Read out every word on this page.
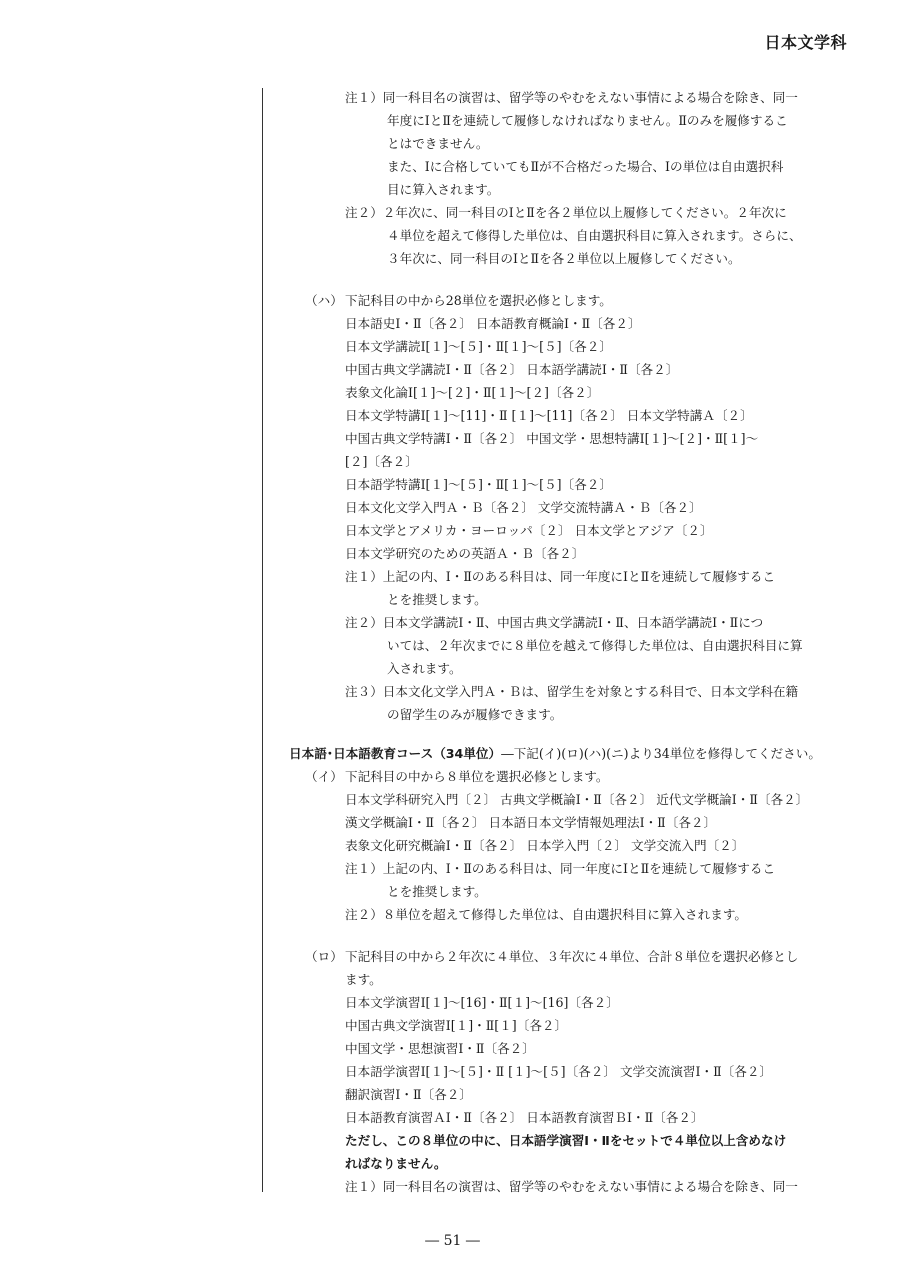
日本文学科
注１）同一科目名の演習は、留学等のやむをえない事情による場合を除き、同一
年度にⅠとⅡを連続して履修しなければなりません。Ⅱのみを履修するこ
とはできません。
また、Ⅰに合格していてもⅡが不合格だった場合、Ⅰの単位は自由選択科
目に算入されます。
注２）２年次に、同一科目のⅠとⅡを各２単位以上履修してください。２年次に
４単位を超えて修得した単位は、自由選択科目に算入されます。さらに、
３年次に、同一科目のⅠとⅡを各２単位以上履修してください。
（ハ） 下記科目の中から28単位を選択必修とします。
日本語史Ⅰ・Ⅱ〔各２〕 日本語教育概論Ⅰ・Ⅱ〔各２〕
日本文学講読Ⅰ[１]〜[５]・Ⅱ[１]〜[５]〔各２〕
中国古典文学講読Ⅰ・Ⅱ〔各２〕 日本語学講読Ⅰ・Ⅱ〔各２〕
表象文化論Ⅰ[１]〜[２]・Ⅱ[１]〜[２]〔各２〕
日本文学特講Ⅰ[１]〜[11]・Ⅱ [１]〜[11]〔各２〕 日本文学特講Ａ〔２〕
中国古典文学特講Ⅰ・Ⅱ〔各２〕 中国文学・思想特講Ⅰ[１]〜[２]・Ⅱ[１]〜
[２]〔各２〕
日本語学特講Ⅰ[１]〜[５]・Ⅱ[１]〜[５]〔各２〕
日本文化文学入門Ａ・Ｂ〔各２〕 文学交流特講Ａ・Ｂ〔各２〕
日本文学とアメリカ・ヨーロッパ〔２〕 日本文学とアジア〔２〕
日本文学研究のための英語Ａ・Ｂ〔各２〕
注１）上記の内、Ⅰ・Ⅱのある科目は、同一年度にⅠとⅡを連続して履修するこ
とを推奨します。
注２）日本文学講読Ⅰ・Ⅱ、中国古典文学講読Ⅰ・Ⅱ、日本語学講読Ⅰ・Ⅱにつ
いては、２年次までに８単位を越えて修得した単位は、自由選択科目に算
入されます。
注３）日本文化文学入門Ａ・Ｂは、留学生を対象とする科目で、日本文学科在籍
の留学生のみが履修できます。
（イ） 下記科目の中から８単位を選択必修とします。
日本文学科研究入門〔２〕 古典文学概論Ⅰ・Ⅱ〔各２〕 近代文学概論Ⅰ・Ⅱ〔各２〕
漢文学概論Ⅰ・Ⅱ〔各２〕 日本語日本文学情報処理法Ⅰ・Ⅱ〔各２〕
表象文化研究概論Ⅰ・Ⅱ〔各２〕 日本学入門〔２〕 文学交流入門〔２〕
注１）上記の内、Ⅰ・Ⅱのある科目は、同一年度にⅠとⅡを連続して履修するこ
とを推奨します。
注２）８単位を超えて修得した単位は、自由選択科目に算入されます。
（ロ） 下記科目の中から２年次に４単位、３年次に４単位、合計８単位を選択必修とし
ます。
日本文学演習Ⅰ[１]〜[16]・Ⅱ[１]〜[16]〔各２〕
中国古典文学演習Ⅰ[１]・Ⅱ[１]〔各２〕
中国文学・思想演習Ⅰ・Ⅱ〔各２〕
日本語学演習Ⅰ[１]〜[５]・Ⅱ [１]〜[５]〔各２〕 文学交流演習Ⅰ・Ⅱ〔各２〕
翻訳演習Ⅰ・Ⅱ〔各２〕
日本語教育演習ＡⅠ・Ⅱ〔各２〕 日本語教育演習ＢⅠ・Ⅱ〔各２〕
ただし、この８単位の中に、日本語学演習Ⅰ・Ⅱをセットで４単位以上含めなけ
ればなりません。
注１）同一科目名の演習は、留学等のやむをえない事情による場合を除き、同一
日本語･日本語教育コース（34単位）―下記(イ)(ロ)(ハ)(ニ)より34単位を修得してください。
― 51 ―
